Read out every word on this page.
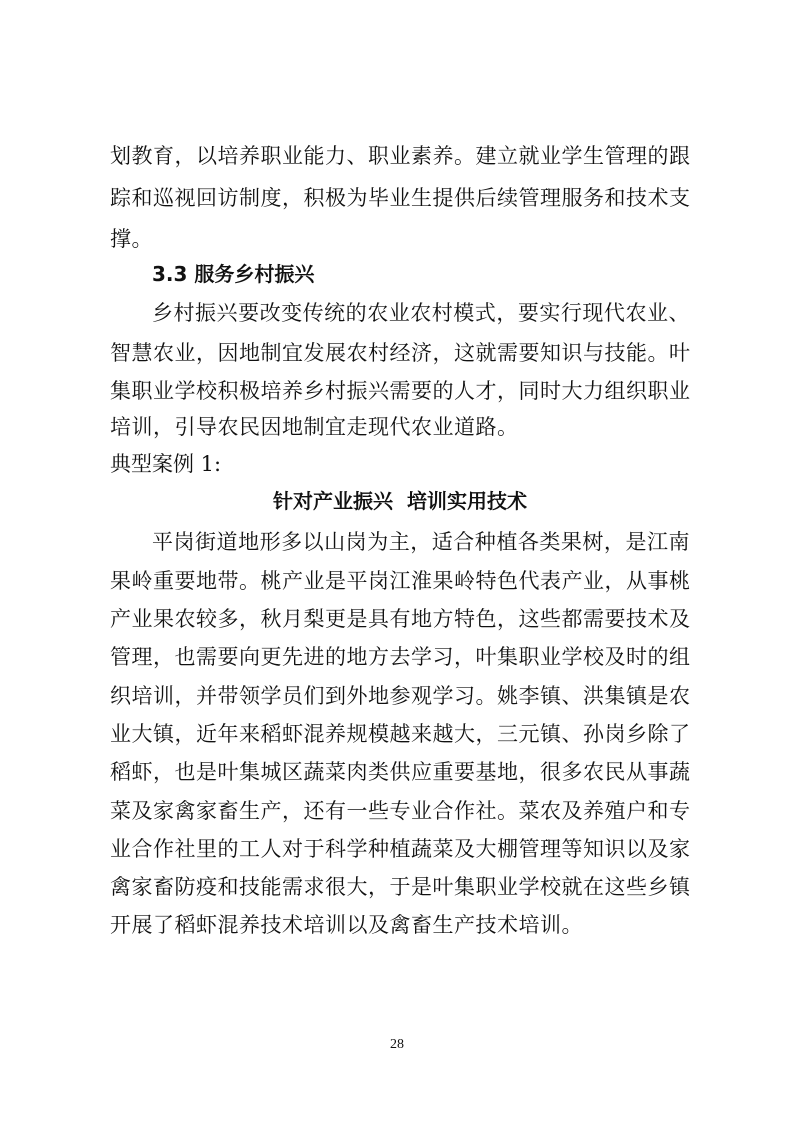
划教育，以培养职业能力、职业素养。建立就业学生管理的跟
踪和巡视回访制度，积极为毕业生提供后续管理服务和技术支
撑。
3.3 服务乡村振兴
乡村振兴要改变传统的农业农村模式，要实行现代农业、
智慧农业，因地制宜发展农村经济，这就需要知识与技能。叶
集职业学校积极培养乡村振兴需要的人才，同时大力组织职业
培训，引导农民因地制宜走现代农业道路。
典型案例 1:
针对产业振兴  培训实用技术
平岗街道地形多以山岗为主，适合种植各类果树，是江南
果岭重要地带。桃产业是平岗江淮果岭特色代表产业，从事桃
产业果农较多，秋月梨更是具有地方特色，这些都需要技术及
管理，也需要向更先进的地方去学习，叶集职业学校及时的组
织培训，并带领学员们到外地参观学习。姚李镇、洪集镇是农
业大镇，近年来稻虾混养规模越来越大，三元镇、孙岗乡除了
稻虾，也是叶集城区蔬菜肉类供应重要基地，很多农民从事蔬
菜及家禽家畜生产，还有一些专业合作社。菜农及养殖户和专
业合作社里的工人对于科学种植蔬菜及大棚管理等知识以及家
禽家畜防疫和技能需求很大，于是叶集职业学校就在这些乡镇
开展了稻虾混养技术培训以及禽畜生产技术培训。
28
